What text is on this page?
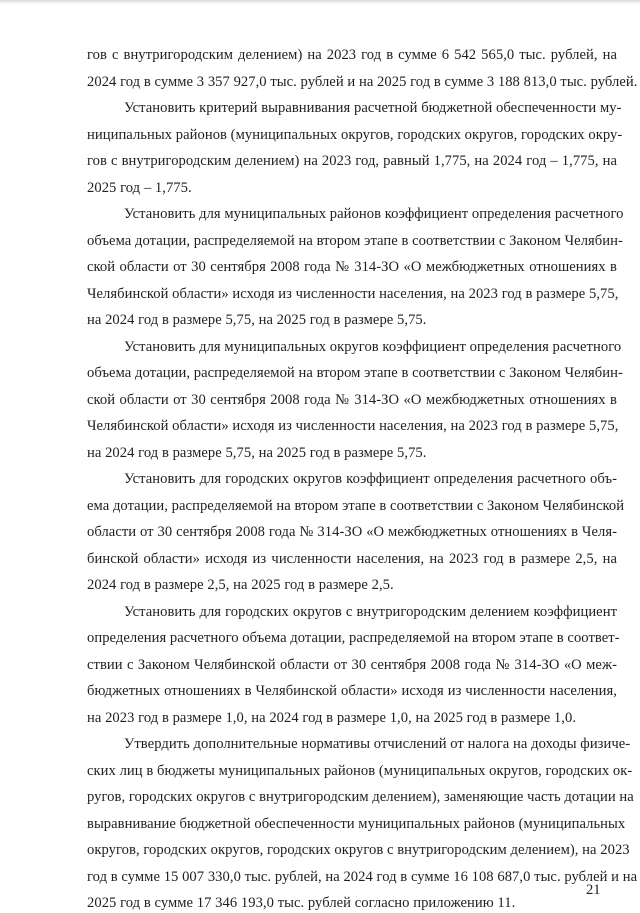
гов с внутригородским делением) на 2023 год в сумме 6 542 565,0 тыс. рублей, на
2024 год в сумме 3 357 927,0 тыс. рублей и на 2025 год в сумме 3 188 813,0 тыс. рублей.
Установить критерий выравнивания расчетной бюджетной обеспеченности му-
ниципальных районов (муниципальных округов, городских округов, городских окру-
гов с внутригородским делением) на 2023 год, равный 1,775, на 2024 год – 1,775, на
2025 год – 1,775.
Установить для муниципальных районов коэффициент определения расчетного
объема дотации, распределяемой на втором этапе в соответствии с Законом Челябин-
ской области от 30 сентября 2008 года № 314-ЗО «О межбюджетных отношениях в
Челябинской области» исходя из численности населения, на 2023 год в размере 5,75,
на 2024 год в размере 5,75, на 2025 год в размере 5,75.
Установить для муниципальных округов коэффициент определения расчетного
объема дотации, распределяемой на втором этапе в соответствии с Законом Челябин-
ской области от 30 сентября 2008 года № 314-ЗО «О межбюджетных отношениях в
Челябинской области» исходя из численности населения, на 2023 год в размере 5,75,
на 2024 год в размере 5,75, на 2025 год в размере 5,75.
Установить для городских округов коэффициент определения расчетного объ-
ема дотации, распределяемой на втором этапе в соответствии с Законом Челябинской
области от 30 сентября 2008 года № 314-ЗО «О межбюджетных отношениях в Челя-
бинской области» исходя из численности населения, на 2023 год в размере 2,5, на
2024 год в размере 2,5, на 2025 год в размере 2,5.
Установить для городских округов с внутригородским делением коэффициент
определения расчетного объема дотации, распределяемой на втором этапе в соответ-
ствии с Законом Челябинской области от 30 сентября 2008 года № 314-ЗО «О меж-
бюджетных отношениях в Челябинской области» исходя из численности населения,
на 2023 год в размере 1,0, на 2024 год в размере 1,0, на 2025 год в размере 1,0.
Утвердить дополнительные нормативы отчислений от налога на доходы физиче-
ских лиц в бюджеты муниципальных районов (муниципальных округов, городских ок-
ругов, городских округов с внутригородским делением), заменяющие часть дотации на
выравнивание бюджетной обеспеченности муниципальных районов (муниципальных
округов, городских округов, городских округов с внутригородским делением), на 2023
год в сумме 15 007 330,0 тыс. рублей, на 2024 год в сумме 16 108 687,0 тыс. рублей и на
2025 год в сумме 17 346 193,0 тыс. рублей согласно приложению 11.
21
